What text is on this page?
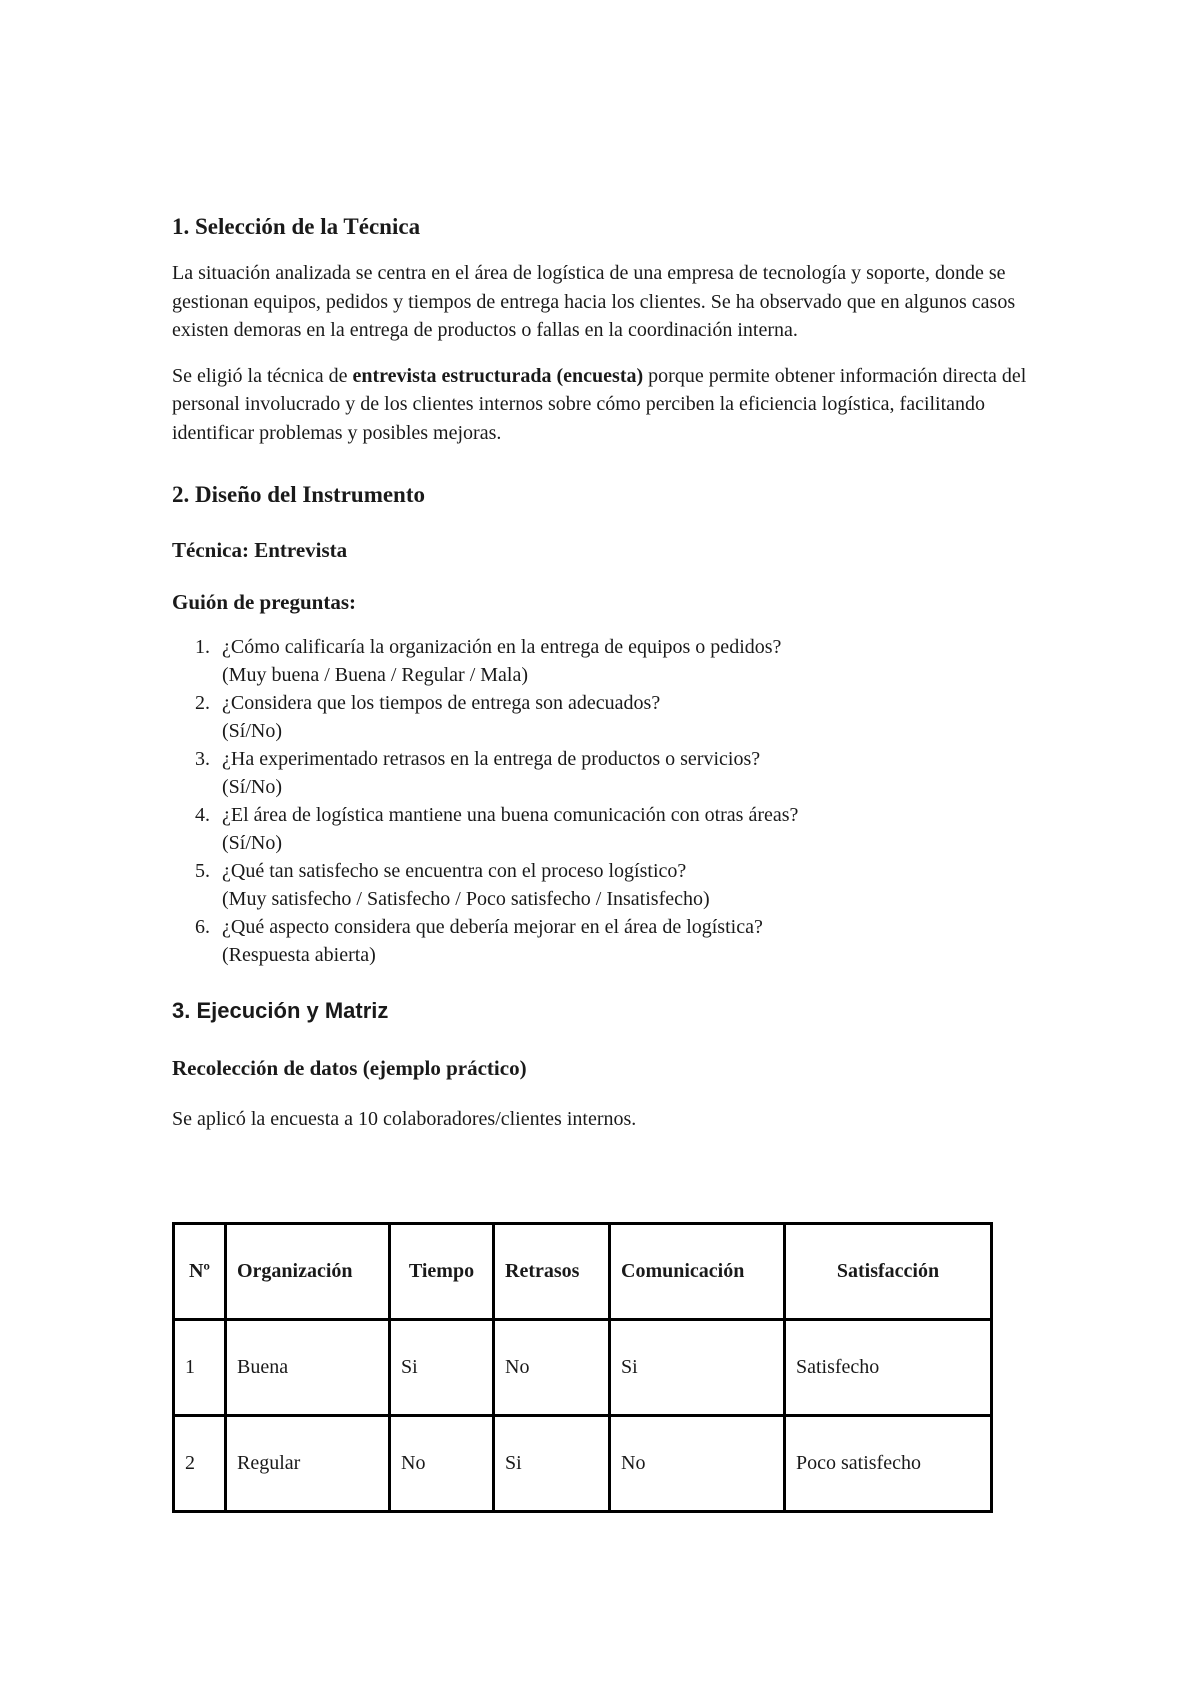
1. Selección de la Técnica

La situación analizada se centra en el área de logística de una empresa de tecnología y soporte, donde se gestionan equipos, pedidos y tiempos de entrega hacia los clientes. Se ha observado que en algunos casos existen demoras en la entrega de productos o fallas en la coordinación interna.

Se eligió la técnica de entrevista estructurada (encuesta) porque permite obtener información directa del personal involucrado y de los clientes internos sobre cómo perciben la eficiencia logística, facilitando identificar problemas y posibles mejoras.

2. Diseño del Instrumento
Técnica: Entrevista
Guión de preguntas:
1. ¿Cómo calificaría la organización en la entrega de equipos o pedidos?
(Muy buena / Buena / Regular / Mala)
2. ¿Considera que los tiempos de entrega son adecuados?
(Sí/No)
3. ¿Ha experimentado retrasos en la entrega de productos o servicios?
(Sí/No)
4. ¿El área de logística mantiene una buena comunicación con otras áreas?
(Sí/No)
5. ¿Qué tan satisfecho se encuentra con el proceso logístico?
(Muy satisfecho / Satisfecho / Poco satisfecho / Insatisfecho)
6. ¿Qué aspecto considera que debería mejorar en el área de logística?
(Respuesta abierta)
3. Ejecución y Matriz
Recolección de datos (ejemplo práctico)

Se aplicó la encuesta a 10 colaboradores/clientes internos.

Nº	Organización	Tiempo	Retrasos	Comunicación	Satisfacción
1	Buena	Si	No	Si	Satisfecho
2	Regular	No	Si	No	Poco satisfecho
